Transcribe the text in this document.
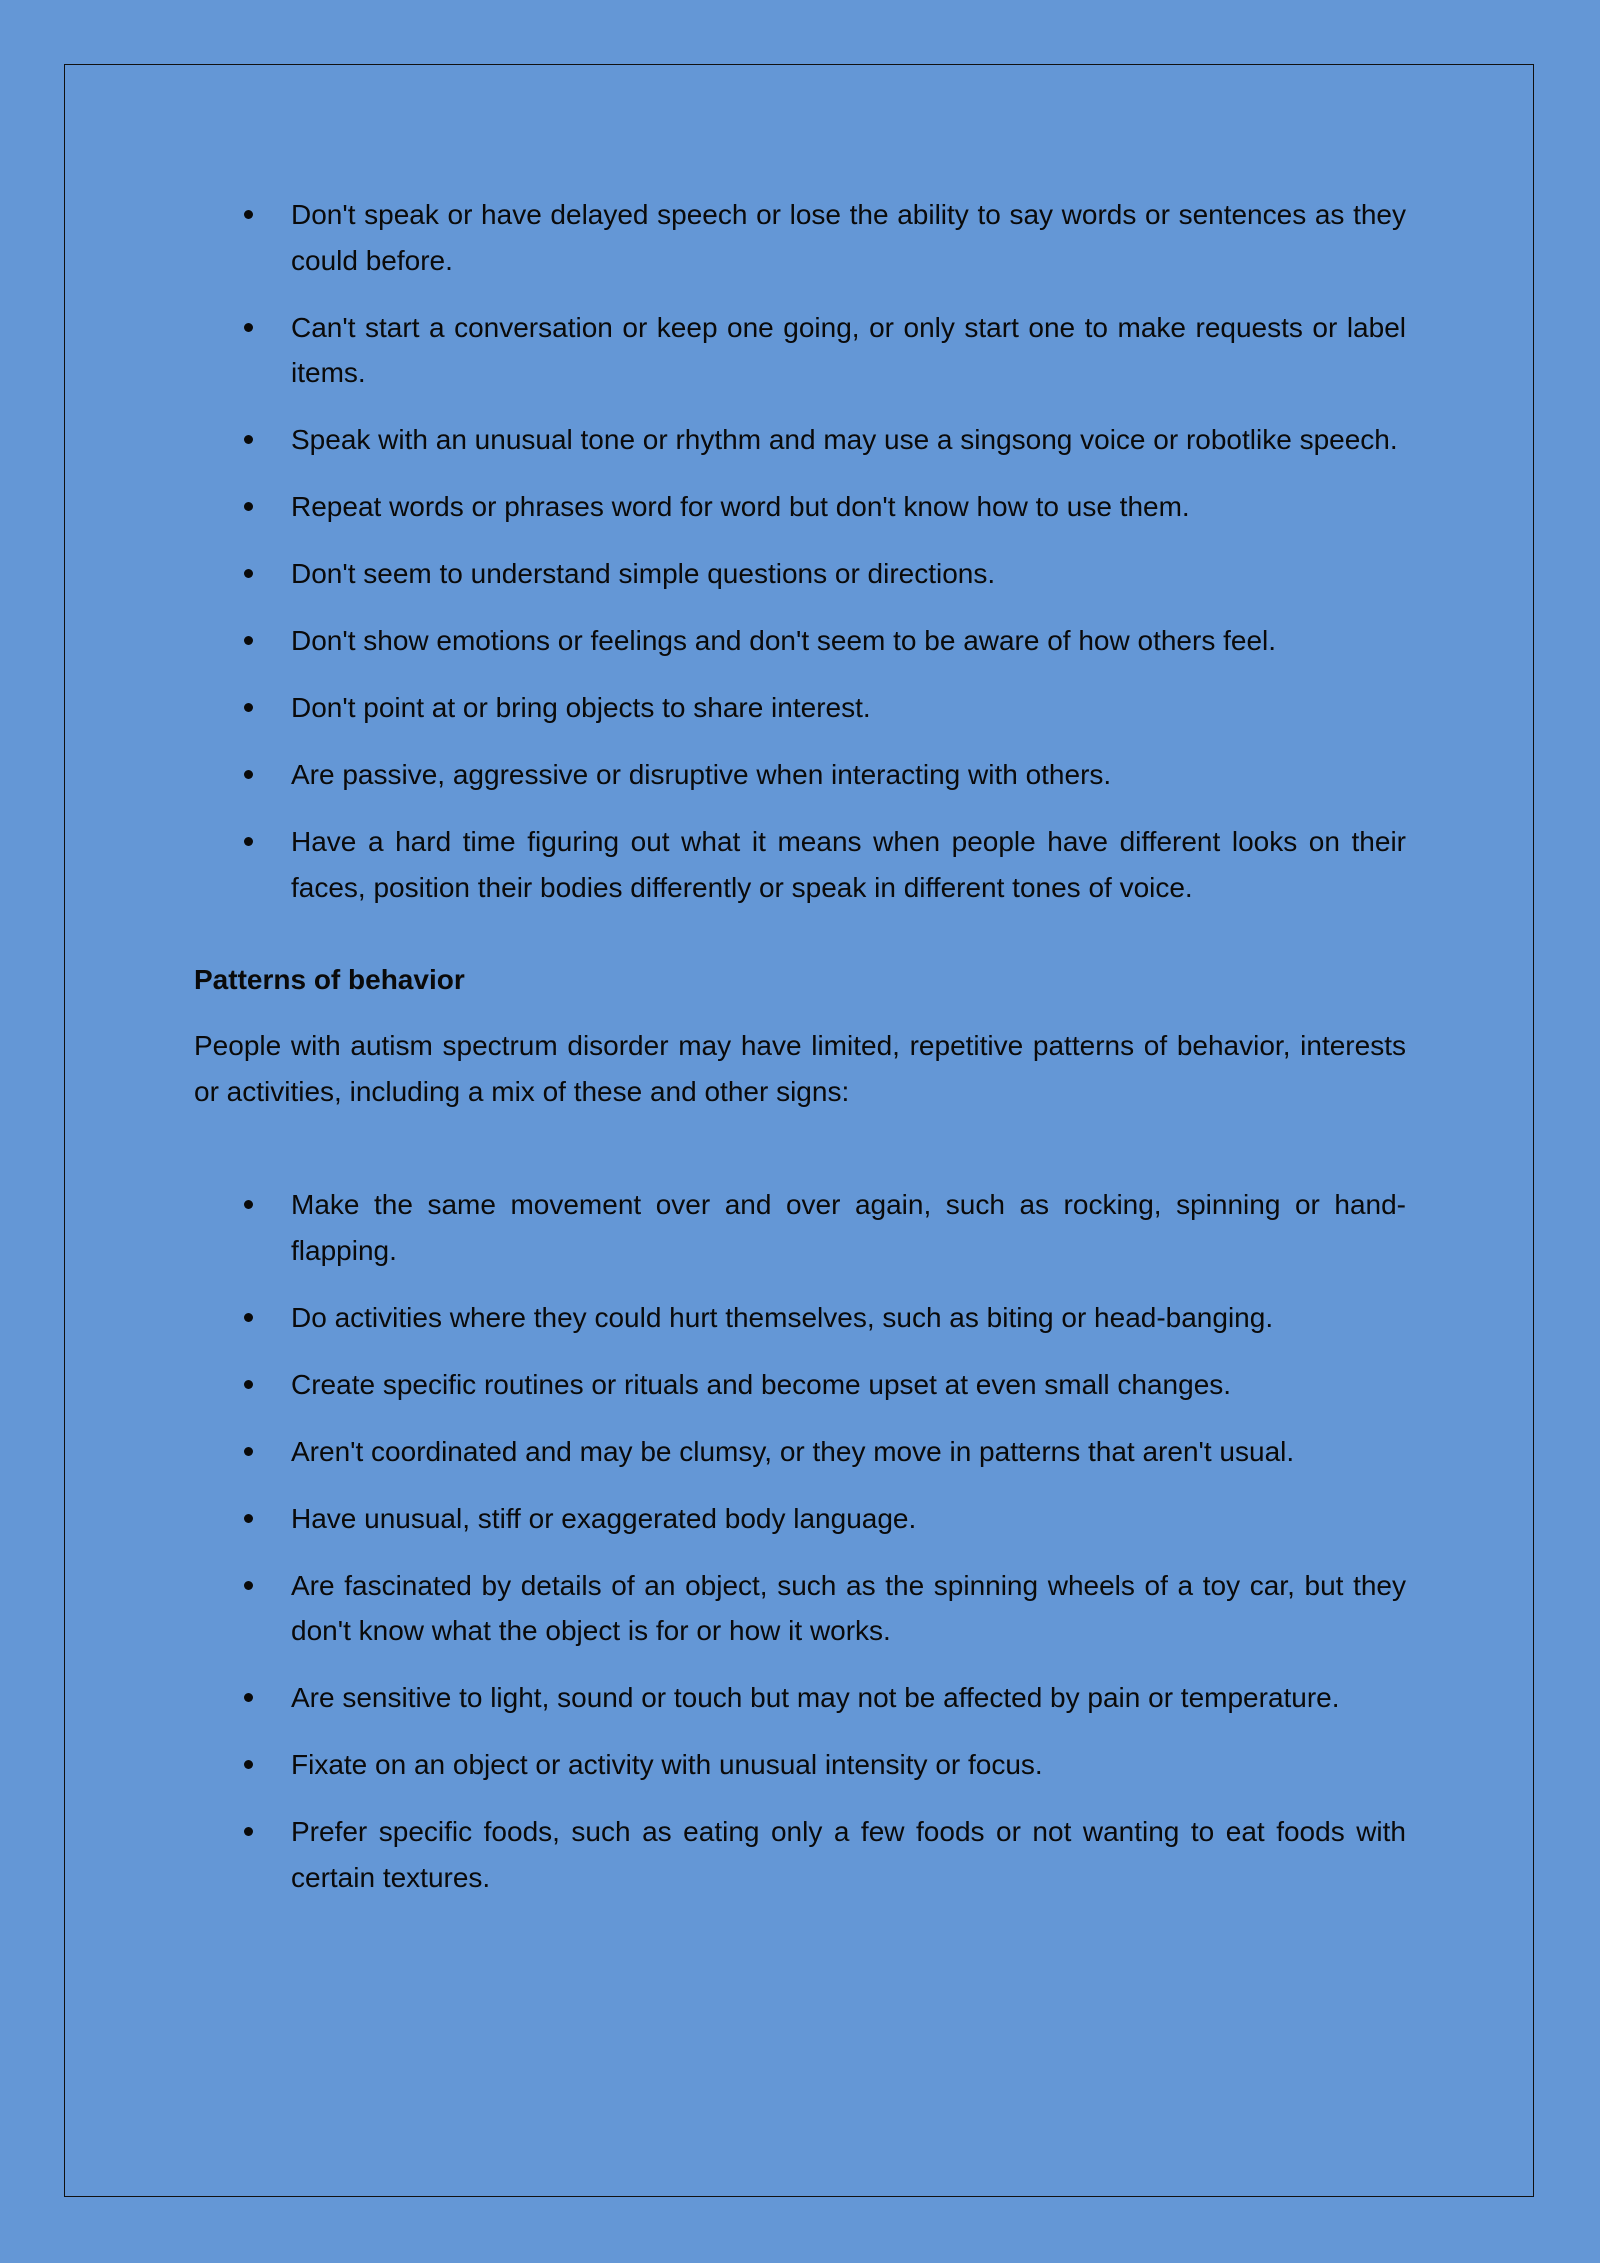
Don't speak or have delayed speech or lose the ability to say words or sentences as they could before.
Can't start a conversation or keep one going, or only start one to make requests or label items.
Speak with an unusual tone or rhythm and may use a singsong voice or robotlike speech.
Repeat words or phrases word for word but don't know how to use them.
Don't seem to understand simple questions or directions.
Don't show emotions or feelings and don't seem to be aware of how others feel.
Don't point at or bring objects to share interest.
Are passive, aggressive or disruptive when interacting with others.
Have a hard time figuring out what it means when people have different looks on their faces, position their bodies differently or speak in different tones of voice.
Patterns of behavior

People with autism spectrum disorder may have limited, repetitive patterns of behavior, interests or activities, including a mix of these and other signs:

Make the same movement over and over again, such as rocking, spinning or hand-flapping.
Do activities where they could hurt themselves, such as biting or head-banging.
Create specific routines or rituals and become upset at even small changes.
Aren't coordinated and may be clumsy, or they move in patterns that aren't usual.
Have unusual, stiff or exaggerated body language.
Are fascinated by details of an object, such as the spinning wheels of a toy car, but they don't know what the object is for or how it works.
Are sensitive to light, sound or touch but may not be affected by pain or temperature.
Fixate on an object or activity with unusual intensity or focus.
Prefer specific foods, such as eating only a few foods or not wanting to eat foods with certain textures.
